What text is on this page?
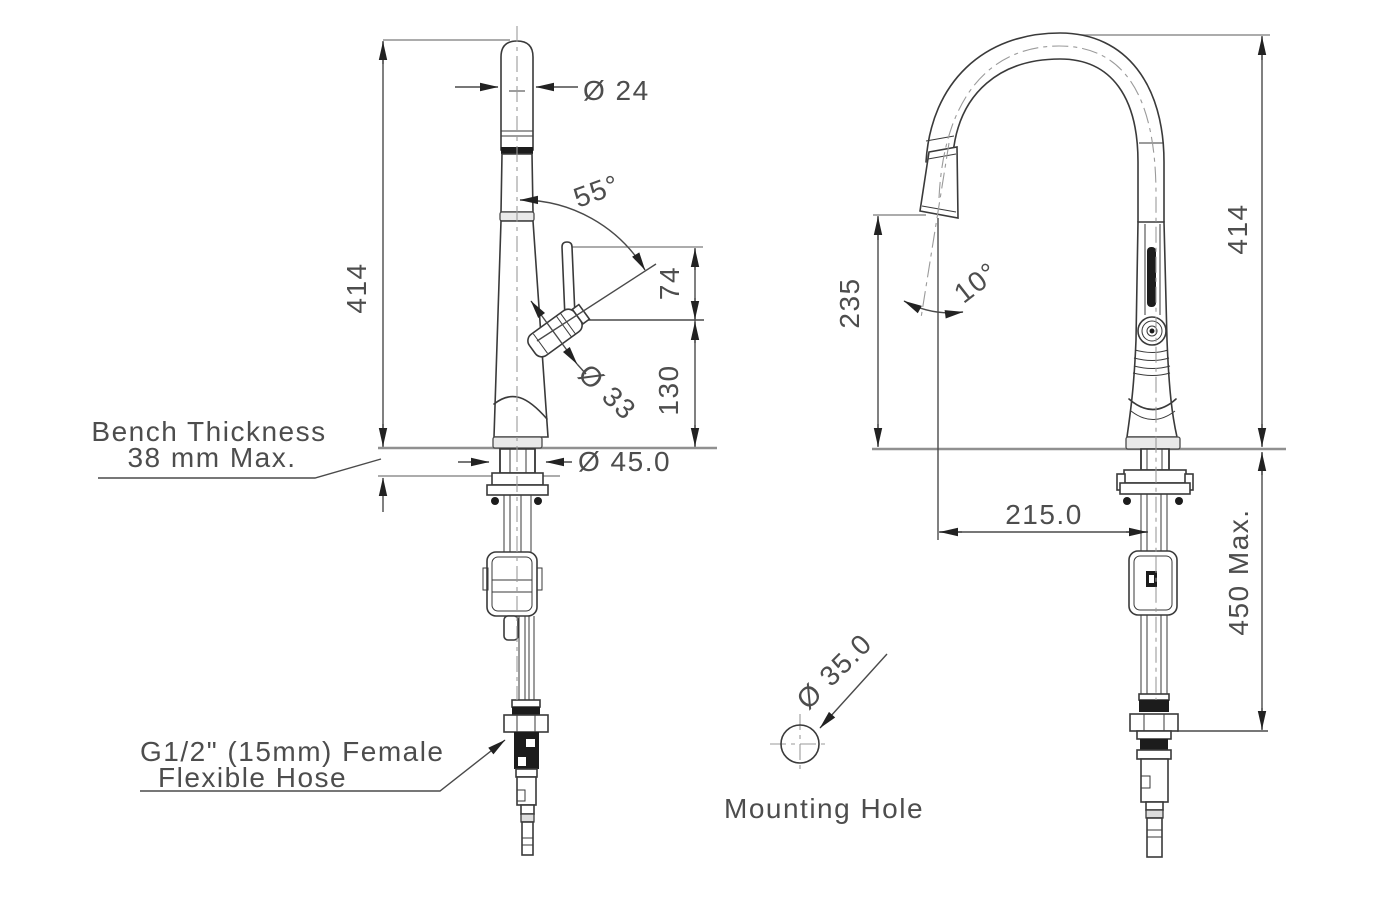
Ø 24
55°
414	74
130
Ø 33
Ø 45.0
Bench Thickness
38 mm Max.
G1/2" (15mm) Female
Flexible Hose
10°
235
414
215.0	450 Max.
Ø 35.0
Mounting Hole
